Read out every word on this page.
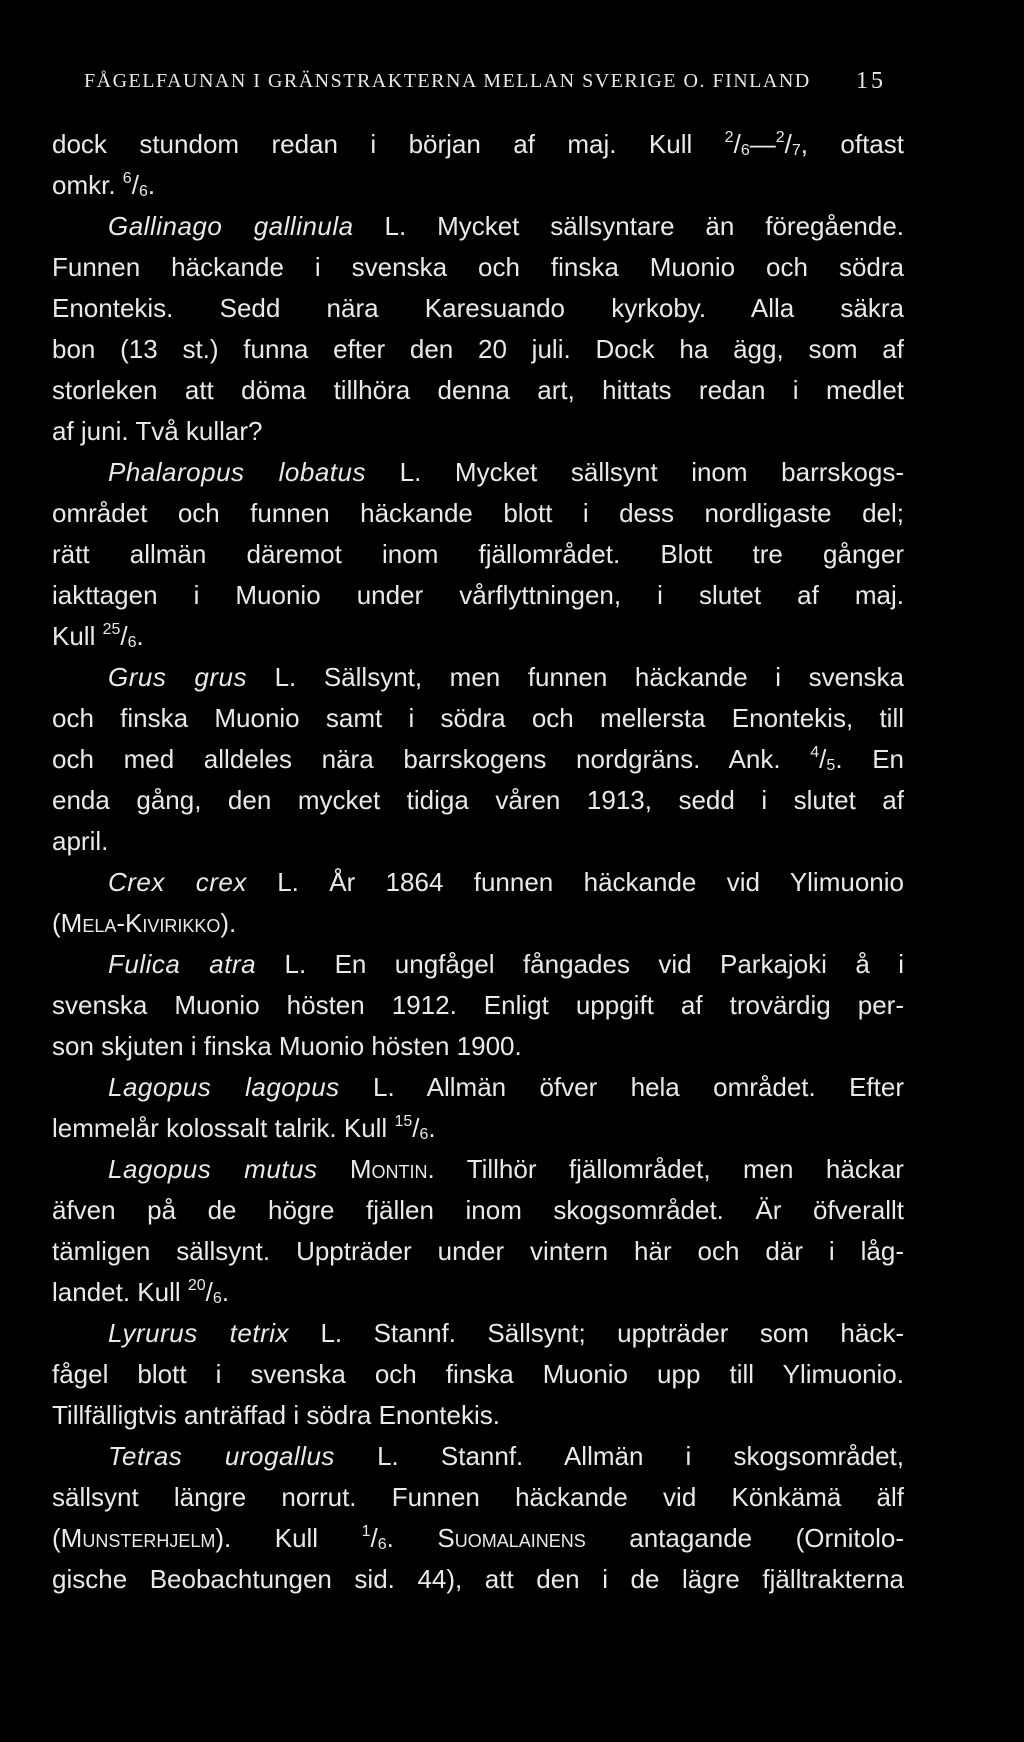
FÅGELFAUNAN I GRÄNSTRAKTERNA MELLAN SVERIGE O. FINLAND	15
dock stundom redan i början af maj. Kull $^2/_6—^2/_7$, oftast
omkr. $^6/_6$.
Gallinago gallinula L. Mycket sällsyntare än föregående.
Funnen häckande i svenska och finska Muonio och södra
Enontekis. Sedd nära Karesuando kyrkoby. Alla säkra
bon (13 st.) funna efter den 20 juli. Dock ha ägg, som af
storleken att döma tillhöra denna art, hittats redan i medlet
af juni. Två kullar?
Phalaropus lobatus L. Mycket sällsynt inom barrskogs-
området och funnen häckande blott i dess nordligaste del;
rätt allmän däremot inom fjällområdet. Blott tre gånger
iakttagen i Muonio under vårflyttningen, i slutet af maj.
Kull $^{25}/_6$.
Grus grus L. Sällsynt, men funnen häckande i svenska
och finska Muonio samt i södra och mellersta Enontekis, till
och med alldeles nära barrskogens nordgräns. Ank. $^4/_5$. En
enda gång, den mycket tidiga våren 1913, sedd i slutet af
april.
Crex crex L. År 1864 funnen häckande vid Ylimuonio
(Mela-Kivirikko).
Fulica atra L. En ungfågel fångades vid Parkajoki å i
svenska Muonio hösten 1912. Enligt uppgift af trovärdig per-
son skjuten i finska Muonio hösten 1900.
Lagopus lagopus L. Allmän öfver hela området. Efter
lemmelår kolossalt talrik. Kull $^{15}/_6$.
Lagopus mutus Montin. Tillhör fjällområdet, men häckar
äfven på de högre fjällen inom skogsområdet. Är öfverallt
tämligen sällsynt. Uppträder under vintern här och där i låg-
landet. Kull $^{20}/_6$.
Lyrurus tetrix L. Stannf. Sällsynt; uppträder som häck-
fågel blott i svenska och finska Muonio upp till Ylimuonio.
Tillfälligtvis anträffad i södra Enontekis.
Tetras urogallus L. Stannf. Allmän i skogsområdet,
sällsynt längre norrut. Funnen häckande vid Könkämä älf
(Munsterhjelm). Kull $^1/_6$. Suomalainens antagande (Ornitolo-
gische Beobachtungen sid. 44), att den i de lägre fjälltrakterna
